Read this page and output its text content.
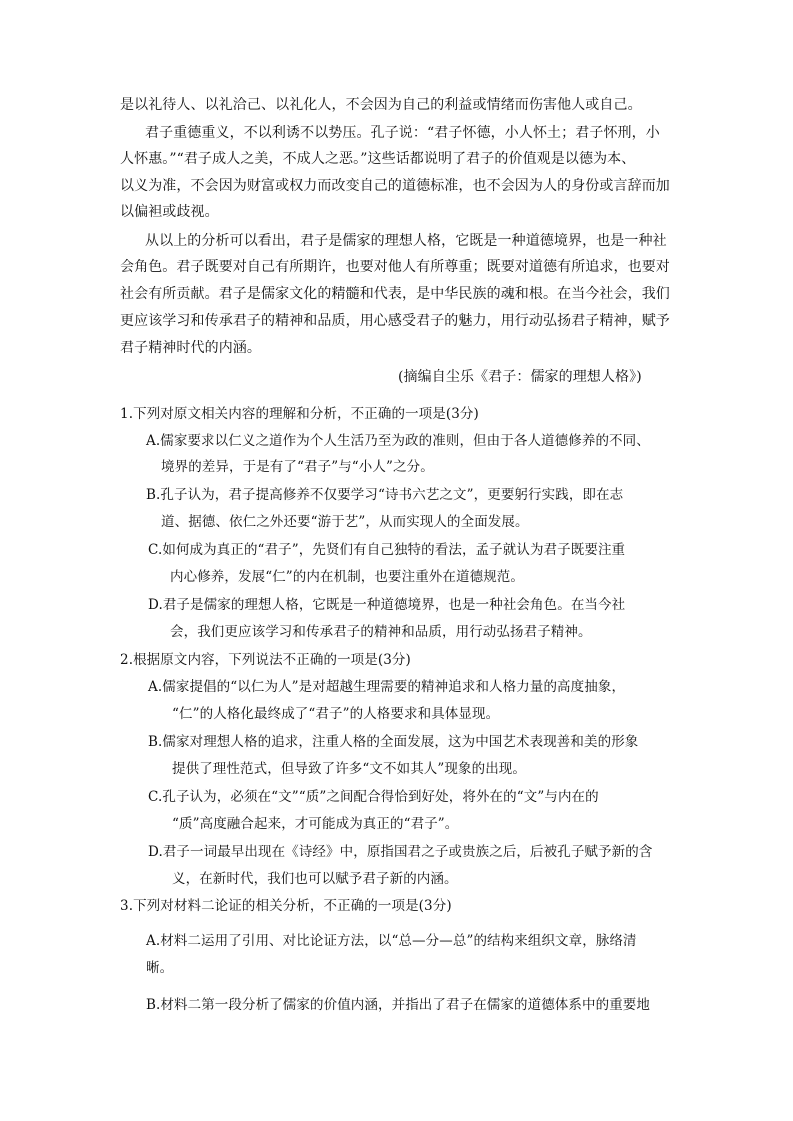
是以礼待人、以礼洽己、以礼化人，不会因为自己的利益或情绪而伤害他人或自己。
君子重德重义，不以利诱不以势压。孔子说：“君子怀德，小人怀土；君子怀刑，小
人怀惠。”“君子成人之美，不成人之恶。”这些话都说明了君子的价值观是以德为本、
以义为准，不会因为财富或权力而改变自己的道德标准，也不会因为人的身份或言辞而加
以偏袒或歧视。
从以上的分析可以看出，君子是儒家的理想人格，它既是一种道德境界，也是一种社
会角色。君子既要对自己有所期许，也要对他人有所尊重；既要对道德有所追求，也要对
社会有所贡献。君子是儒家文化的精髓和代表，是中华民族的魂和根。在当今社会，我们
更应该学习和传承君子的精神和品质，用心感受君子的魅力，用行动弘扬君子精神，赋予
君子精神时代的内涵。
(摘编自尘乐《君子：儒家的理想人格》)
1.下列对原文相关内容的理解和分析，不正确的一项是(3分)
A.儒家要求以仁义之道作为个人生活乃至为政的准则，但由于各人道德修养的不同、
境界的差异，于是有了“君子”与“小人”之分。
B.孔子认为，君子提高修养不仅要学习“诗书六艺之文”，更要躬行实践，即在志
道、据德、依仁之外还要“游于艺”，从而实现人的全面发展。
C.如何成为真正的“君子”，先贤们有自己独特的看法，孟子就认为君子既要注重
内心修养，发展“仁”的内在机制，也要注重外在道德规范。
D.君子是儒家的理想人格，它既是一种道德境界，也是一种社会角色。在当今社
会，我们更应该学习和传承君子的精神和品质，用行动弘扬君子精神。
2.根据原文内容，下列说法不正确的一项是(3分)
A.儒家提倡的“以仁为人”是对超越生理需要的精神追求和人格力量的高度抽象，
“仁”的人格化最终成了“君子”的人格要求和具体显现。
B.儒家对理想人格的追求，注重人格的全面发展，这为中国艺术表现善和美的形象
提供了理性范式，但导致了许多“文不如其人”现象的出现。
C.孔子认为，必须在“文”“质”之间配合得恰到好处，将外在的“文”与内在的
“质”高度融合起来，才可能成为真正的“君子”。
D.君子一词最早出现在《诗经》中，原指国君之子或贵族之后，后被孔子赋予新的含
义，在新时代，我们也可以赋予君子新的内涵。
3.下列对材料二论证的相关分析，不正确的一项是(3分)
A.材料二运用了引用、对比论证方法，以“总—分—总”的结构来组织文章，脉络清
晰。
B.材料二第一段分析了儒家的价值内涵，并指出了君子在儒家的道德体系中的重要地
